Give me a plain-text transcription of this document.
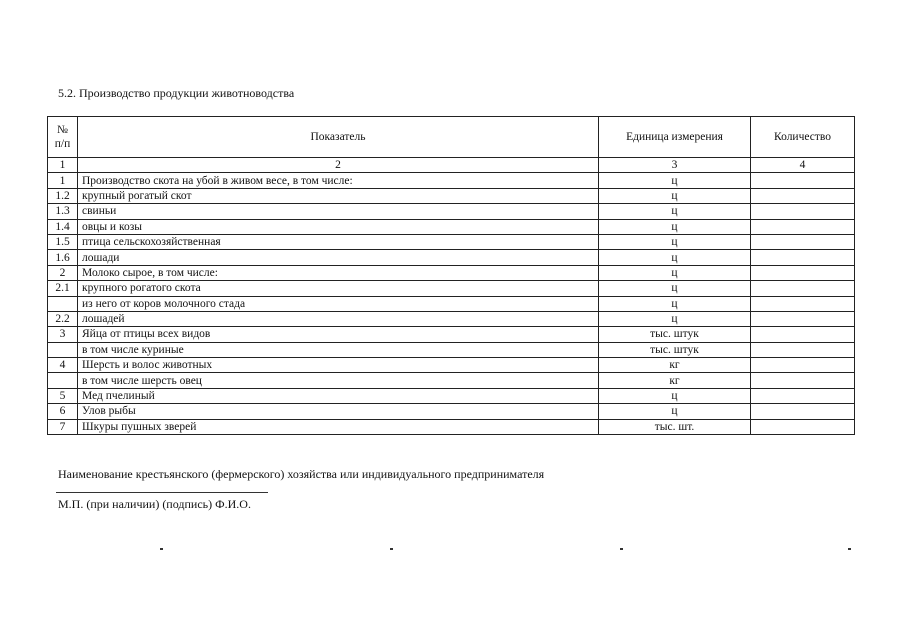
5.2. Производство продукции животноводства
№ п/п	Показатель	Единица измерения	Количество
1	2	3	4
1	Производство скота на убой в живом весе, в том числе:	ц	
1.2	крупный рогатый скот	ц	
1.3	свиньи	ц	
1.4	овцы и козы	ц	
1.5	птица сельскохозяйственная	ц	
1.6	лошади	ц	
2	Молоко сырое, в том числе:	ц	
2.1	крупного рогатого скота	ц	
	из него от коров молочного стада	ц	
2.2	лошадей	ц	
3	Яйца от птицы всех видов	тыс. штук	
	в том числе куриные	тыс. штук	
4	Шерсть и волос животных	кг	
	в том числе шерсть овец	кг	
5	Мед пчелиный	ц	
6	Улов рыбы	ц	
7	Шкуры пушных зверей	тыс. шт.	
Наименование крестьянского (фермерского) хозяйства или индивидуального предпринимателя
М.П. (при наличии) (подпись) Ф.И.О.
